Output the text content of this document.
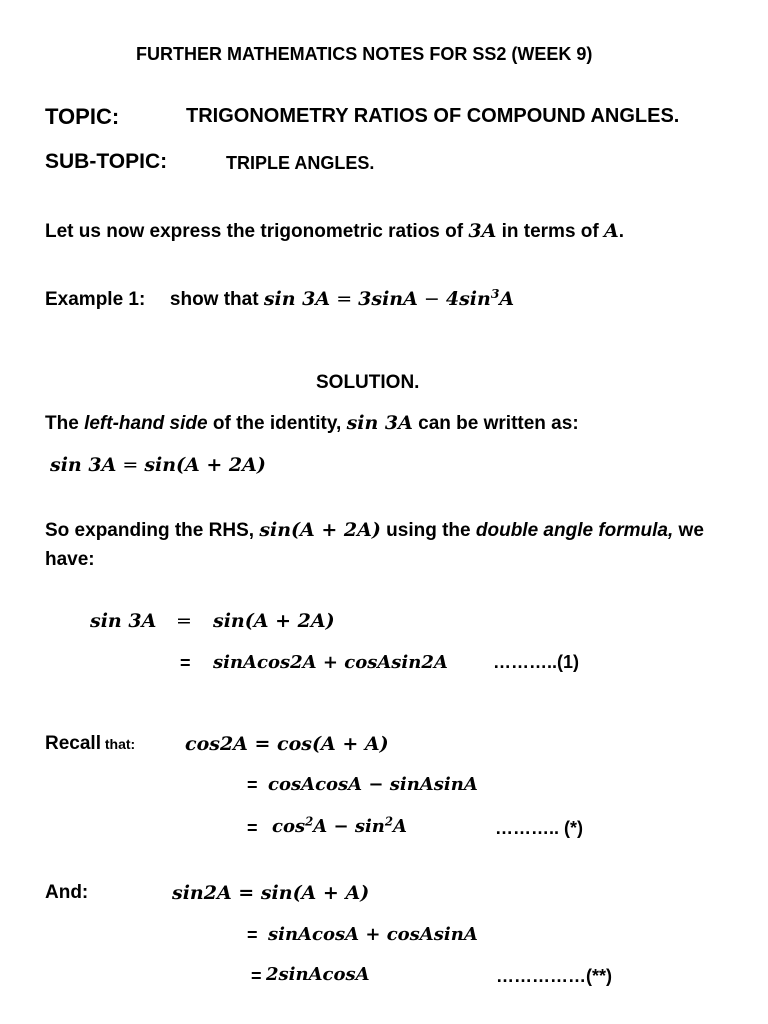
FURTHER MATHEMATICS NOTES FOR SS2 (WEEK 9)
TOPIC:	TRIGONOMETRY RATIOS OF COMPOUND ANGLES.
SUB-TOPIC:	TRIPLE ANGLES.
Let us now express the trigonometric ratios of 3A in terms of A.
Example 1: show that $\sin 3A = 3\sin A - 4\sin^3A$
SOLUTION.
The left-hand side of the identity, sin 3A can be written as:
sin 3A = sin(A + 2A)
So expanding the RHS, sin(A + 2A) using the double angle formula, we
have:
sin 3A = sin(A + 2A)
= sinAcos2A + cosAsin2A	………..(1)
Recall that:	cos2A = cos(A + A)
= cosAcosA − sinAsinA
= $\cos^2A - \sin^2A$	……….. (*)
And:	sin2A = sin(A + A)
= sinAcosA + cosAsinA
= 2sinAcosA	……………(**)
